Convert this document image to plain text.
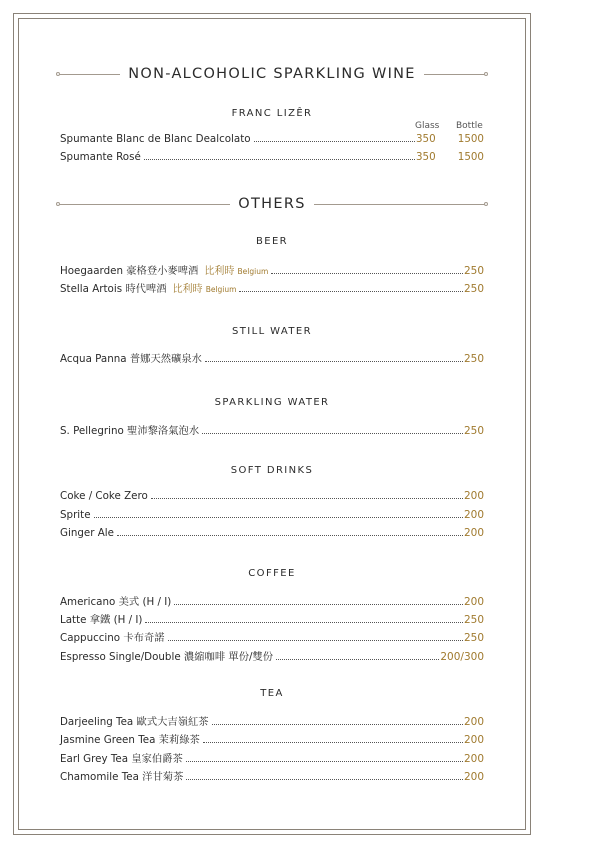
NON-ALCOHOLIC SPARKLING WINE
FRANC LIZÊR
Glass Bottle
Spumante Blanc de Blanc Dealcolato	350	1500
Spumante Rosé	350	1500
OTHERS
BEER
Hoegaarden 豪格登小麥啤酒 比利時 Belgium	250
Stella Artois 時代啤酒 比利時 Belgium	250
STILL WATER
Acqua Panna 普娜天然礦泉水	250
SPARKLING WATER
S. Pellegrino 聖沛黎洛氣泡水	250
SOFT DRINKS
Coke / Coke Zero	200
Sprite	200
Ginger Ale	200
COFFEE
Americano 美式 (H / I)	200
Latte 拿鐵 (H / I)	250
Cappuccino 卡布奇諾	250
Espresso Single/Double 濃縮咖啡 單份/雙份	200/300
TEA
Darjeeling Tea 歐式大吉嶺紅茶	200
Jasmine Green Tea 茉莉綠茶	200
Earl Grey Tea 皇家伯爵茶	200
Chamomile Tea 洋甘菊茶	200
